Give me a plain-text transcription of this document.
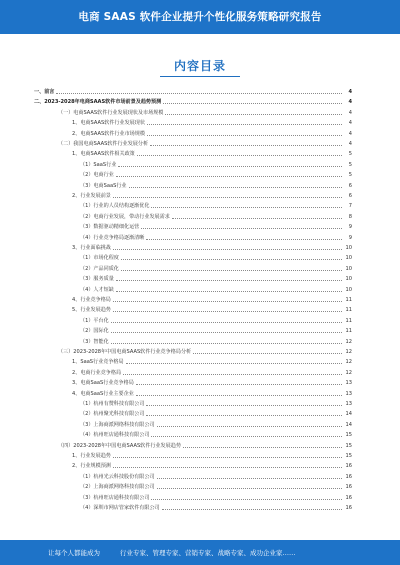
电商 SAAS 软件企业提升个性化服务策略研究报告
内容目录
一、前言	4
二、2023-2028年电商SAAS软件市场前景及趋势预测	4
（一）电商SAAS软件行业发展现状及市场规模	4
1、电商SAAS软件行业发展现状	4
2、电商SAAS软件行业市场规模	4
（二）我国电商SAAS软件行业发展分析	4
1、电商SAAS软件相关政策	5
（1）SaaS行业	5
（2）电商行业	5
（3）电商SaaS行业	6
2、行业发展前景	6
（1）行业的人员结构逐渐优化	7
（2）电商行业发展，带动行业发展需求	8
（3）数据驱动精细化运营	9
（4）行业竞争格局逐渐清晰	9
3、行业面临挑战	10
（1）市场化程度	10
（2）产品同质化	10
（3）服务质量	10
（4）人才短缺	10
4、行业竞争格局	11
5、行业发展趋势	11
（1）平台化	11
（2）国际化	11
（3）智能化	12
（三）2023-2028年中国电商SAAS软件行业竞争格局分析	12
1、SaaS行业竞争格局	12
2、电商行业竞争格局	12
3、电商SaaS行业竞争格局	13
4、电商SaaS行业主要企业	13
（1）杭州有赞科技有限公司	13
（2）杭州聚光科技有限公司	14
（3）上海商派网络科技有限公司	14
（4）杭州旺店通科技有限公司	15
（四）2023-2028年中国电商SAAS软件行业发展趋势	15
1、行业发展趋势	15
2、行业规模预测	16
（1）杭州光云科技股份有限公司	16
（2）上海商派网络科技有限公司	16
（3）杭州旺店通科技有限公司	16
（4）深圳市网店管家软件有限公司	16
让每个人都能成为	行业专家、管理专家、营销专家、战略专家、成功企业家……
